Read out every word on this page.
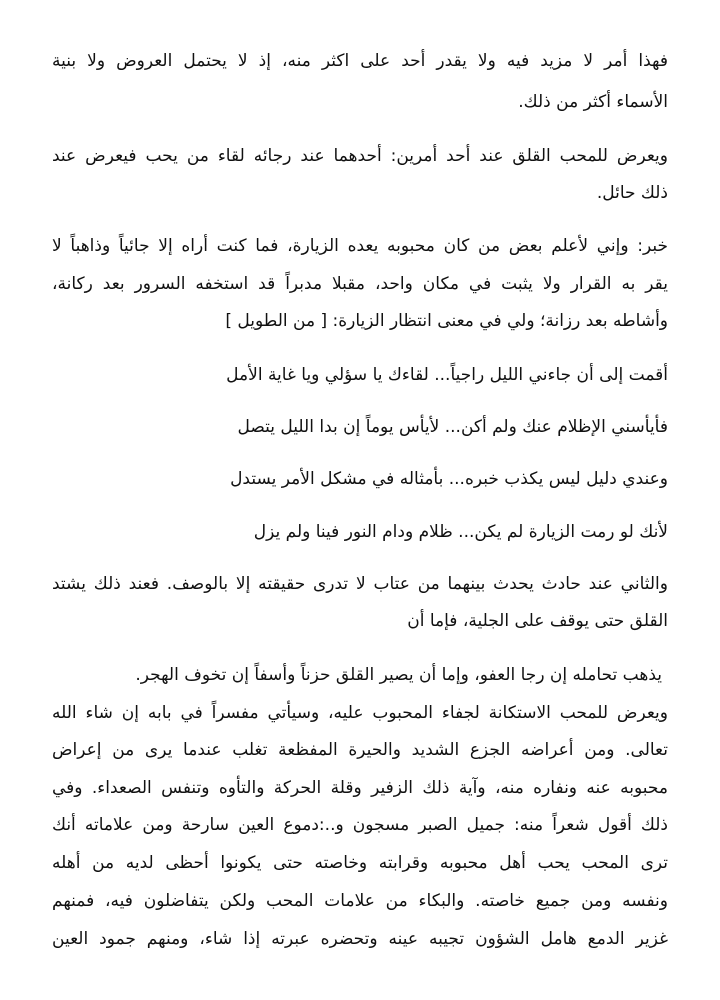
فهذا أمر لا مزيد فيه ولا يقدر أحد على اكثر منه، إذ لا يحتمل العروض ولا بنية
الأسماء أكثر من ذلك.
ويعرض للمحب القلق عند أحد أمرين: أحدهما عند رجائه لقاء من يحب فيعرض عند
ذلك حائل.
خبر: وإني لأعلم بعض من كان محبوبه يعده الزيارة، فما كنت أراه إلا جائياً وذاهباً لا
يقر به القرار ولا يثبت في مكان واحد، مقبلا مدبراً قد استخفه السرور بعد ركانة،
وأشاطه بعد رزانة؛ ولي في معنى انتظار الزيارة: [ من الطويل ]
أقمت إلى أن جاءني الليل راجياً... لقاءك يا سؤلي ويا غاية الأمل
فأيأسني الإظلام عنك ولم أكن... لأيأس يوماً إن بدا الليل يتصل
وعندي دليل ليس يكذب خبره... بأمثاله في مشكل الأمر يستدل
لأنك لو رمت الزيارة لم يكن... ظلام ودام النور فينا ولم يزل
والثاني عند حادث يحدث بينهما من عتاب لا تدرى حقيقته إلا بالوصف. فعند ذلك يشتد
القلق حتى يوقف على الجلية، فإما أن
يذهب تحامله إن رجا العفو، وإما أن يصير القلق حزناً وأسفاً إن تخوف الهجر.
ويعرض للمحب الاستكانة لجفاء المحبوب عليه، وسيأتي مفسراً في بابه إن شاء الله
تعالى. ومن أعراضه الجزع الشديد والحيرة المفظعة تغلب عندما يرى من إعراض
محبوبه عنه ونفاره منه، وآية ذلك الزفير وقلة الحركة والتأوه وتنفس الصعداء. وفي
ذلك أقول شعراً منه: جميل الصبر مسجون و..:دموع العين سارحة ومن علاماته أنك
ترى المحب يحب أهل محبوبه وقرابته وخاصته حتى يكونوا أحظى لديه من أهله
ونفسه ومن جميع خاصته. والبكاء من علامات المحب ولكن يتفاضلون فيه، فمنهم
غزير الدمع هامل الشؤون تجيبه عينه وتحضره عبرته إذا شاء، ومنهم جمود العين
